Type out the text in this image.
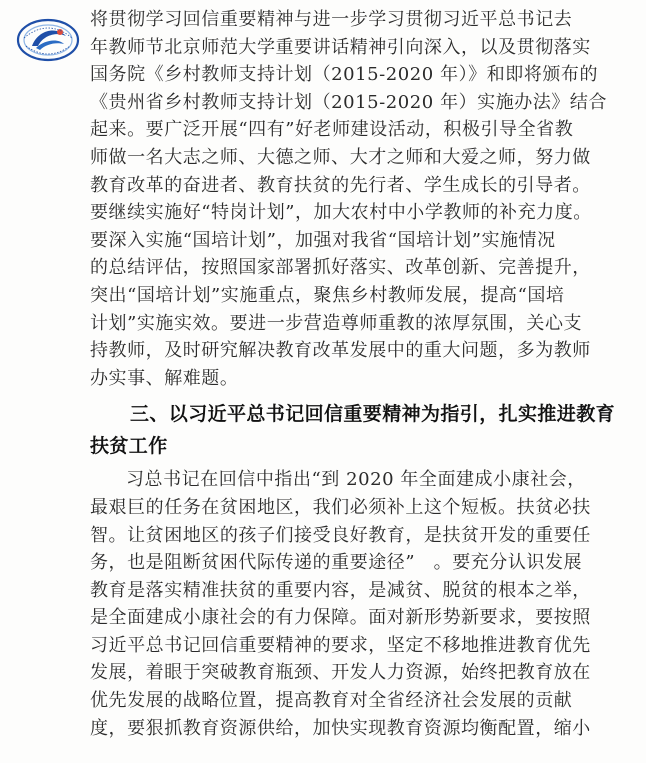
将贯彻学习回信重要精神与进一步学习贯彻习近平总书记去
年教师节北京师范大学重要讲话精神引向深入，以及贯彻落实
国务院《乡村教师支持计划（2015-2020 年）》和即将颁布的
《贵州省乡村教师支持计划（2015-2020 年）实施办法》结合
起来。要广泛开展“四有”好老师建设活动，积极引导全省教
师做一名大志之师、大德之师、大才之师和大爱之师，努力做
教育改革的奋进者、教育扶贫的先行者、学生成长的引导者。
要继续实施好“特岗计划”，加大农村中小学教师的补充力度。
要深入实施“国培计划”，加强对我省“国培计划”实施情况
的总结评估，按照国家部署抓好落实、改革创新、完善提升，
突出“国培计划”实施重点，聚焦乡村教师发展，提高“国培
计划”实施实效。要进一步营造尊师重教的浓厚氛围，关心支
持教师，及时研究解决教育改革发展中的重大问题，多为教师
办实事、解难题。
三、以习近平总书记回信重要精神为指引，扎实推进教育
扶贫工作
习总书记在回信中指出“到 2020 年全面建成小康社会，
最艰巨的任务在贫困地区，我们必须补上这个短板。扶贫必扶
智。让贫困地区的孩子们接受良好教育，是扶贫开发的重要任
务，也是阻断贫困代际传递的重要途径”　。要充分认识发展
教育是落实精准扶贫的重要内容，是减贫、脱贫的根本之举，
是全面建成小康社会的有力保障。面对新形势新要求，要按照
习近平总书记回信重要精神的要求，坚定不移地推进教育优先
发展，着眼于突破教育瓶颈、开发人力资源，始终把教育放在
优先发展的战略位置，提高教育对全省经济社会发展的贡献
度，要狠抓教育资源供给，加快实现教育资源均衡配置，缩小
